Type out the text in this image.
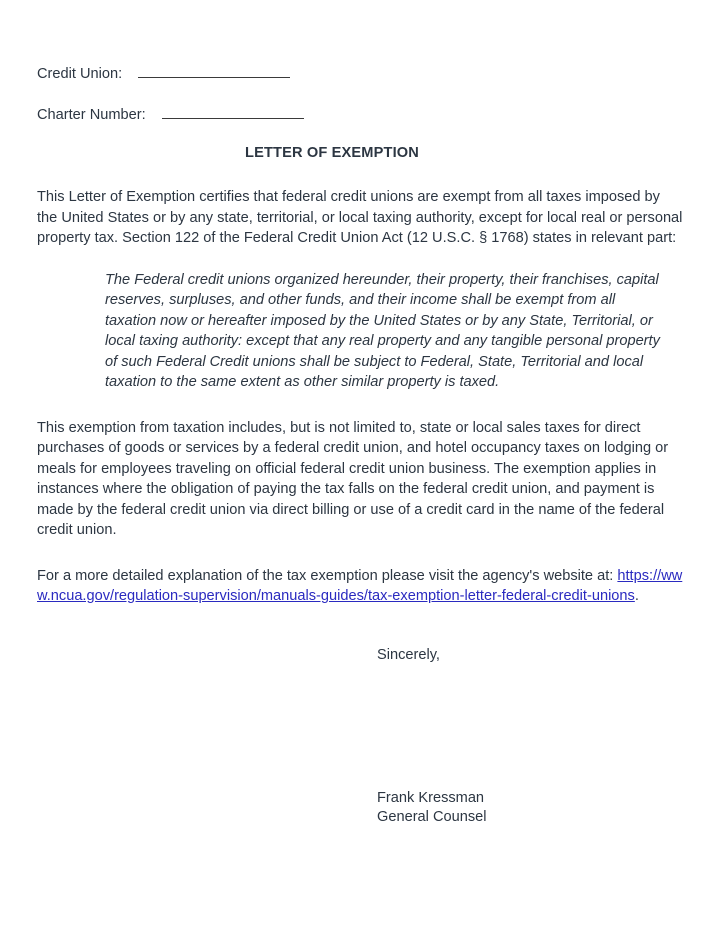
Credit Union:
Charter Number:
LETTER OF EXEMPTION

This Letter of Exemption certifies that federal credit unions are exempt from all taxes imposed by the United States or by any state, territorial, or local taxing authority, except for local real or personal property tax. Section 122 of the Federal Credit Union Act (12 U.S.C. § 1768) states in relevant part:

The Federal credit unions organized hereunder, their property, their franchises, capital reserves, surpluses, and other funds, and their income shall be exempt from all taxation now or hereafter imposed by the United States or by any State, Territorial, or local taxing authority: except that any real property and any tangible personal property of such Federal Credit unions shall be subject to Federal, State, Territorial and local taxation to the same extent as other similar property is taxed.

This exemption from taxation includes, but is not limited to, state or local sales taxes for direct purchases of goods or services by a federal credit union, and hotel occupancy taxes on lodging or meals for employees traveling on official federal credit union business. The exemption applies in instances where the obligation of paying the tax falls on the federal credit union, and payment is made by the federal credit union via direct billing or use of a credit card in the name of the federal credit union.

For a more detailed explanation of the tax exemption please visit the agency's website at: https://www.ncua.gov/regulation-supervision/manuals-guides/tax-exemption-letter-federal-credit-unions.

Sincerely,

Frank Kressman

General Counsel
